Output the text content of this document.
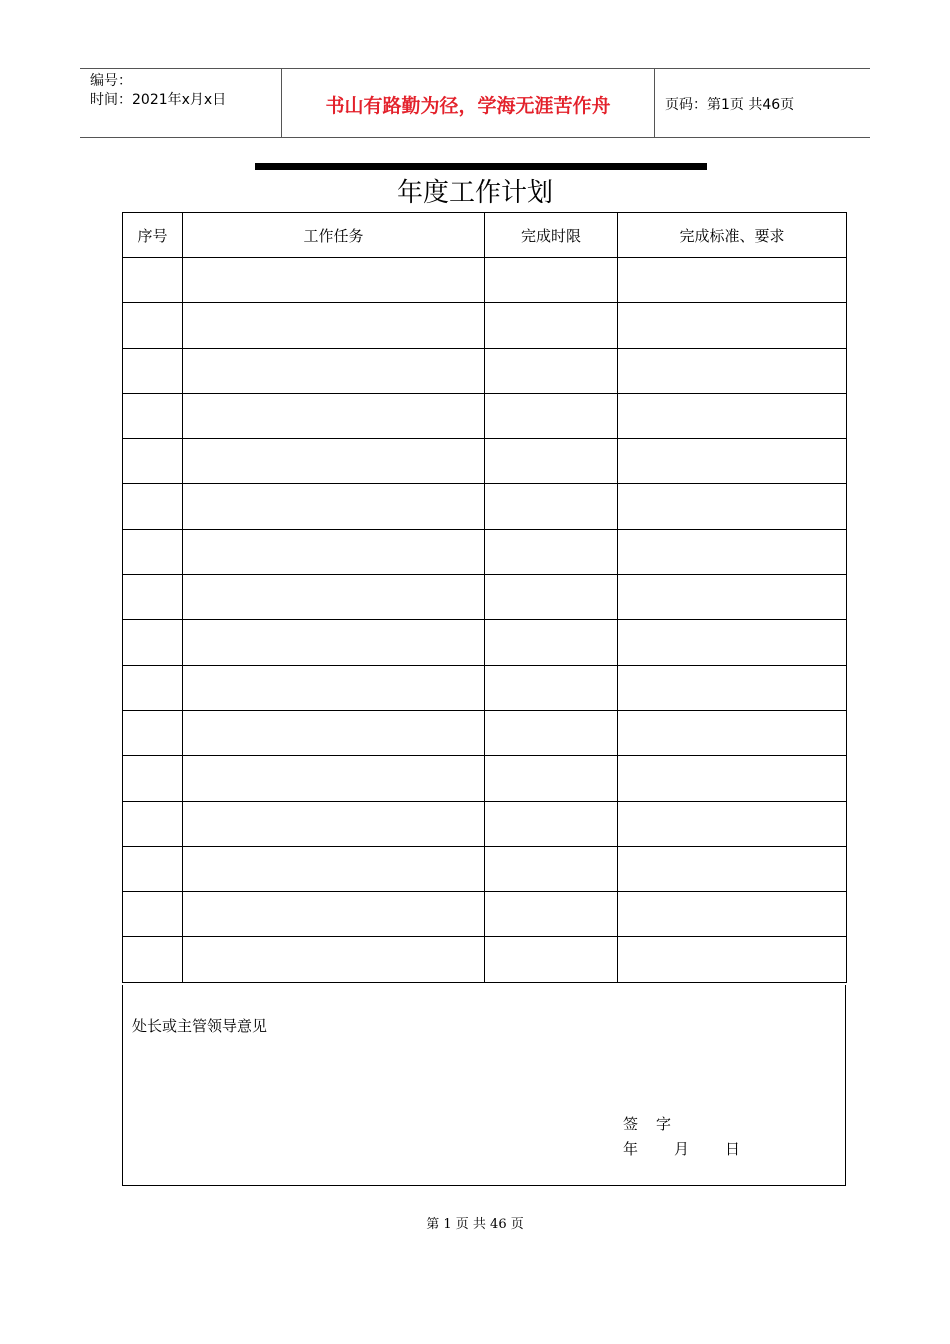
编号：
时间：2021年x月x日	书山有路勤为径，学海无涯苦作舟	页码：第1页 共46页
年度工作计划
序号	工作任务	完成时限	完成标准、要求

处长或主管领导意见
签 字
年 月 日
第 1 页 共 46 页
